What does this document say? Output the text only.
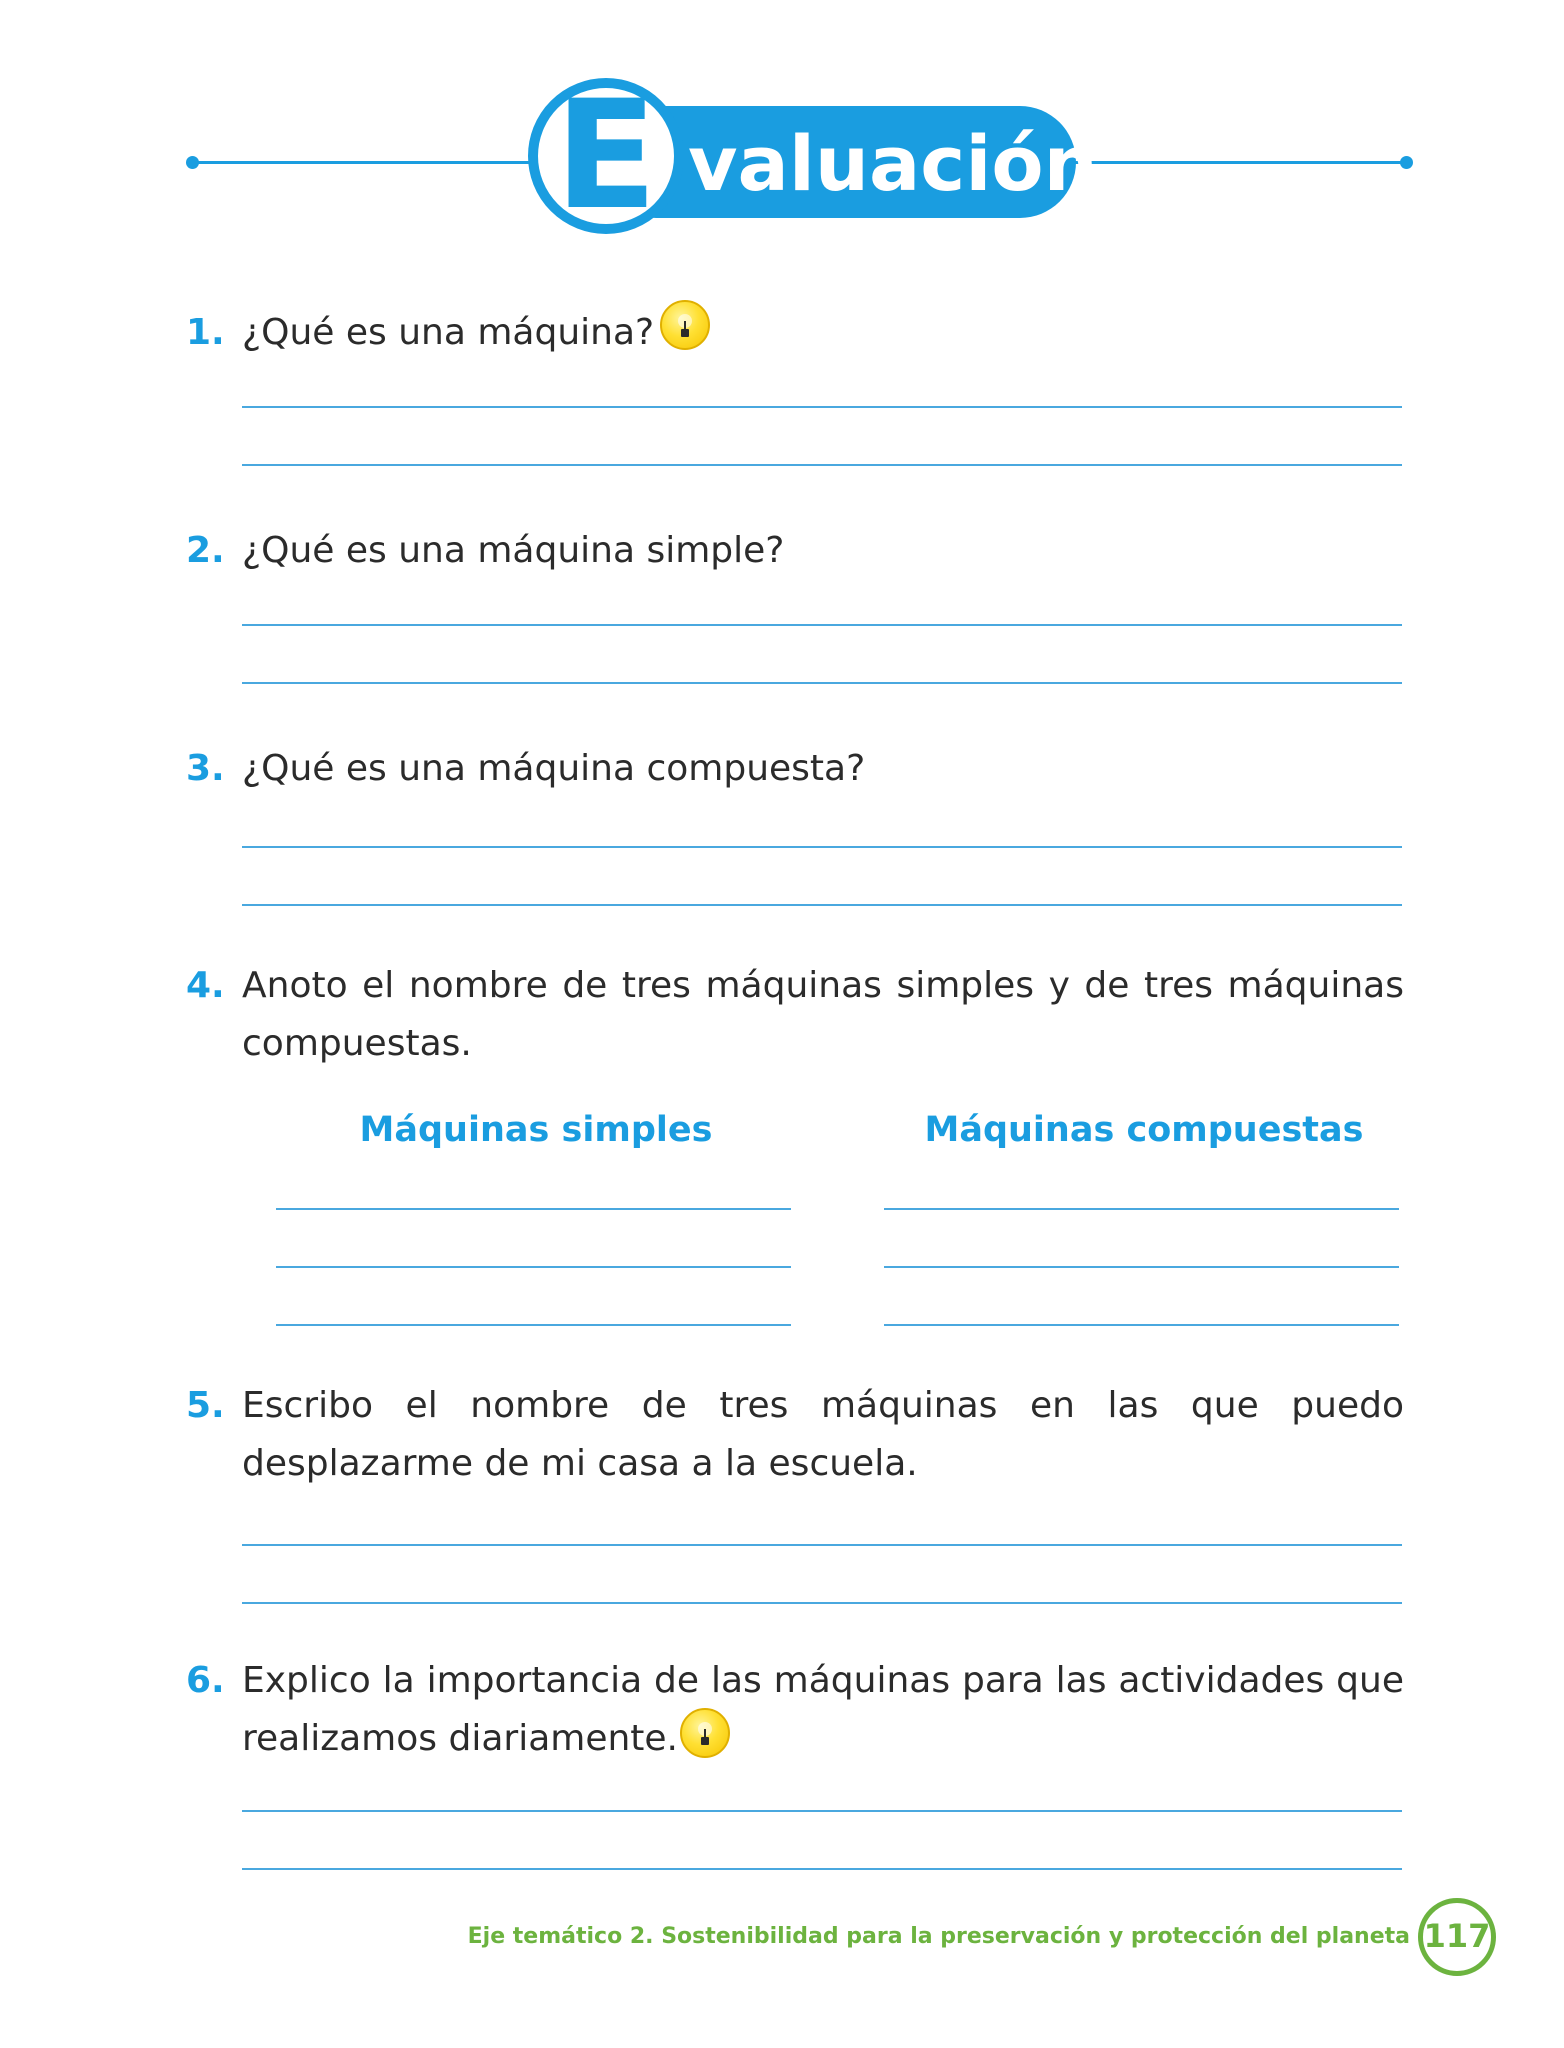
valuación
E
1. ¿Qué es una máquina?
2. ¿Qué es una máquina simple?
3. ¿Qué es una máquina compuesta?
4. Anoto el nombre de tres máquinas simples y de tres máquinas compuestas.
Máquinas simples	Máquinas compuestas
5. Escribo el nombre de tres máquinas en las que puedo desplazarme de mi casa a la escuela.
6. Explico la importancia de las máquinas para las actividades que realizamos diariamente.
Eje temático 2. Sostenibilidad para la preservación y protección del planeta 117
